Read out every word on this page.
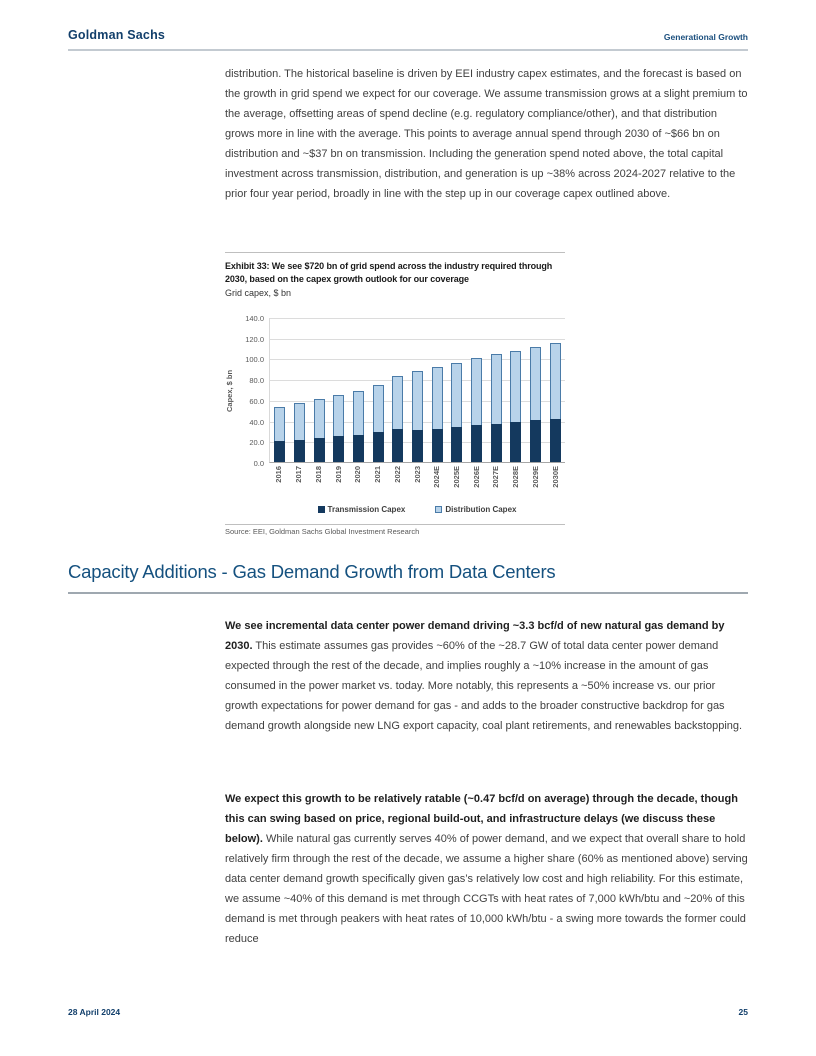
Goldman Sachs	Generational Growth

distribution. The historical baseline is driven by EEI industry capex estimates, and the forecast is based on the growth in grid spend we expect for our coverage. We assume transmission grows at a slight premium to the average, offsetting areas of spend decline (e.g. regulatory compliance/other), and that distribution grows more in line with the average. This points to average annual spend through 2030 of ~$66 bn on distribution and ~$37 bn on transmission. Including the generation spend noted above, the total capital investment across transmission, distribution, and generation is up ~38% across 2024-2027 relative to the prior four year period, broadly in line with the step up in our coverage capex outlined above.

Exhibit 33: We see $720 bn of grid spend across the industry required through 2030, based on the capex growth outlook for our coverage
Grid capex, $ bn
Capex, $ bn
0.0
20.0
40.0
60.0
80.0
100.0
120.0
140.0
2016 2017 2018 2019 2020 2021 2022 2023 2024E 2025E 2026E 2027E 2028E 2029E 2030E
Transmission Capex	Distribution Capex
Source: EEI, Goldman Sachs Global Investment Research
Capacity Additions - Gas Demand Growth from Data Centers

We see incremental data center power demand driving ~3.3 bcf/d of new natural gas demand by 2030. This estimate assumes gas provides ~60% of the ~28.7 GW of total data center power demand expected through the rest of the decade, and implies roughly a ~10% increase in the amount of gas consumed in the power market vs. today. More notably, this represents a ~50% increase vs. our prior growth expectations for power demand for gas - and adds to the broader constructive backdrop for gas demand growth alongside new LNG export capacity, coal plant retirements, and renewables backstopping.

We expect this growth to be relatively ratable (~0.47 bcf/d on average) through the decade, though this can swing based on price, regional build-out, and infrastructure delays (we discuss these below). While natural gas currently serves 40% of power demand, and we expect that overall share to hold relatively firm through the rest of the decade, we assume a higher share (60% as mentioned above) serving data center demand growth specifically given gas’s relatively low cost and high reliability. For this estimate, we assume ~40% of this demand is met through CCGTs with heat rates of 7,000 kWh/btu and ~20% of this demand is met through peakers with heat rates of 10,000 kWh/btu - a swing more towards the former could reduce

28 April 2024	25
